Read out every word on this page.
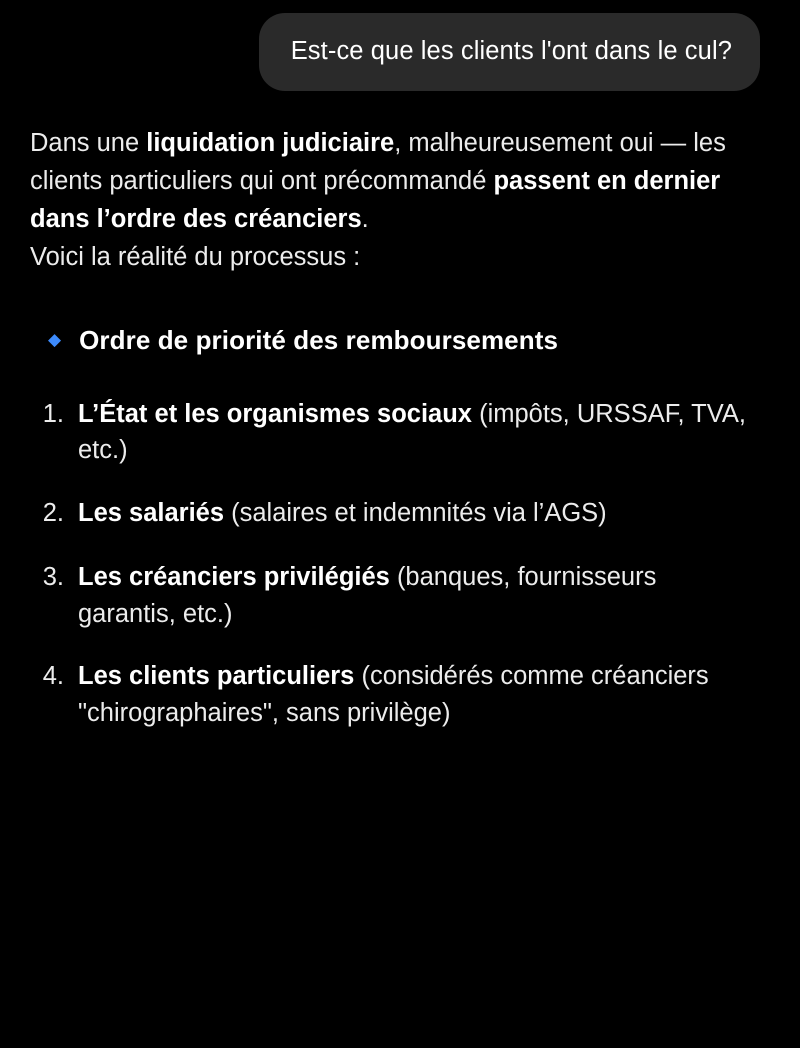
Est-ce que les clients l'ont dans le cul?

Dans une liquidation judiciaire, malheureusement oui — les clients particuliers qui ont précommandé passent en dernier dans l’ordre des créanciers.

Voici la réalité du processus :

◆ Ordre de priorité des remboursements
1. L’État et les organismes sociaux (impôts, URSSAF, TVA, etc.)
2. Les salariés (salaires et indemnités via l’AGS)
3. Les créanciers privilégiés (banques, fournisseurs garantis, etc.)
4. Les clients particuliers (considérés comme créanciers "chirographaires", sans privilège)
